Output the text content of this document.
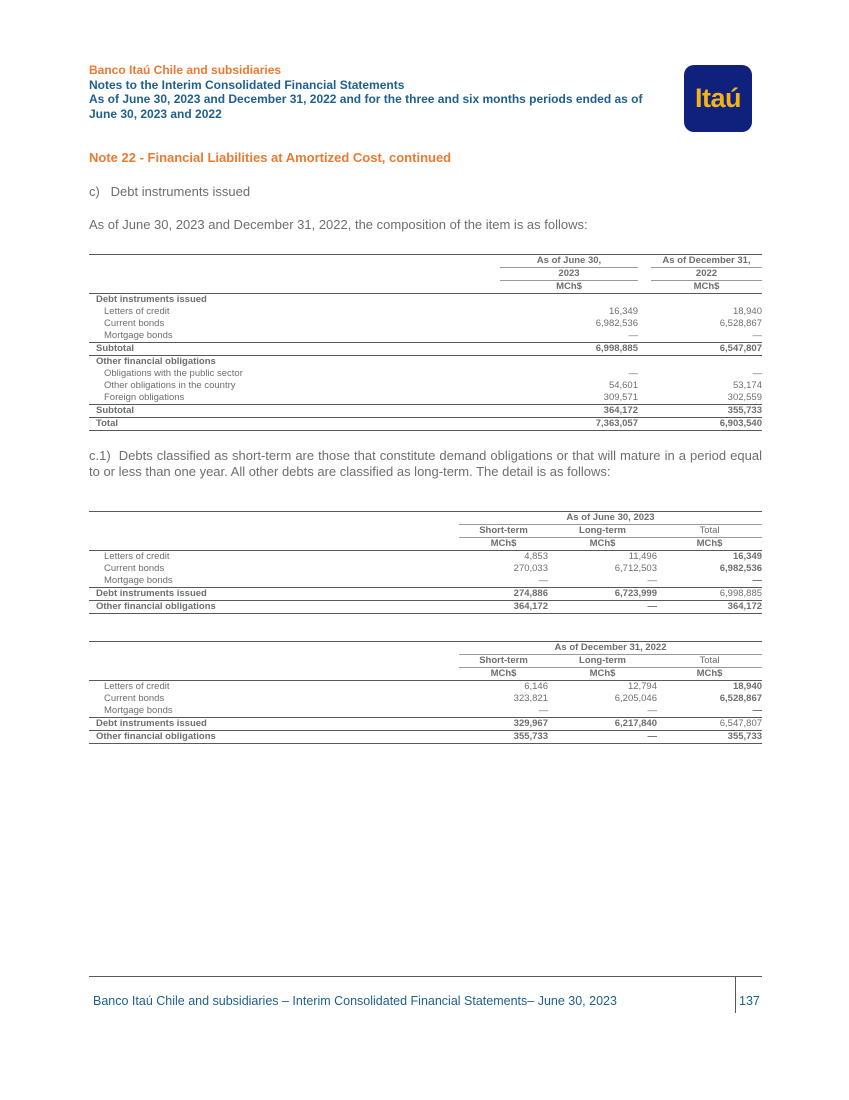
Banco Itaú Chile and subsidiaries
Notes to the Interim Consolidated Financial Statements
As of June 30, 2023 and December 31, 2022 and for the three and six months periods ended as of June 30, 2023 and 2022
Itaú
Note 22 - Financial Liabilities at Amortized Cost, continued
c)   Debt instruments issued
As of June 30, 2023 and December 31, 2022, the composition of the item is as follows:
	As of June 30,		As of December 31,
	2023		2022
	MCh$		MCh$
Debt instruments issued			
Letters of credit	16,349		18,940
Current bonds	6,982,536		6,528,867
Mortgage bonds	—		—
Subtotal	6,998,885		6,547,807
Other financial obligations			
Obligations with the public sector	—		—
Other obligations in the country	54,601		53,174
Foreign obligations	309,571		302,559
Subtotal	364,172		355,733
Total	7,363,057		6,903,540
c.1)  Debts classified as short-term are those that constitute demand obligations or that will mature in a period equal to or less than one year. All other debts are classified as long-term. The detail is as follows:
	As of June 30, 2023		
	Short-term	Long-term	Total
	MCh$	MCh$	MCh$
Letters of credit	4,853	11,496	16,349
Current bonds	270,033	6,712,503	6,982,536
Mortgage bonds	—	—	—
Debt instruments issued	274,886	6,723,999	6,998,885
Other financial obligations	364,172	—	364,172
	As of December 31, 2022		
	Short-term	Long-term	Total
	MCh$	MCh$	MCh$
Letters of credit	6,146	12,794	18,940
Current bonds	323,821	6,205,046	6,528,867
Mortgage bonds	—	—	—
Debt instruments issued	329,967	6,217,840	6,547,807
Other financial obligations	355,733	—	355,733
Banco Itaú Chile and subsidiaries – Interim Consolidated Financial Statements– June 30, 2023	137
